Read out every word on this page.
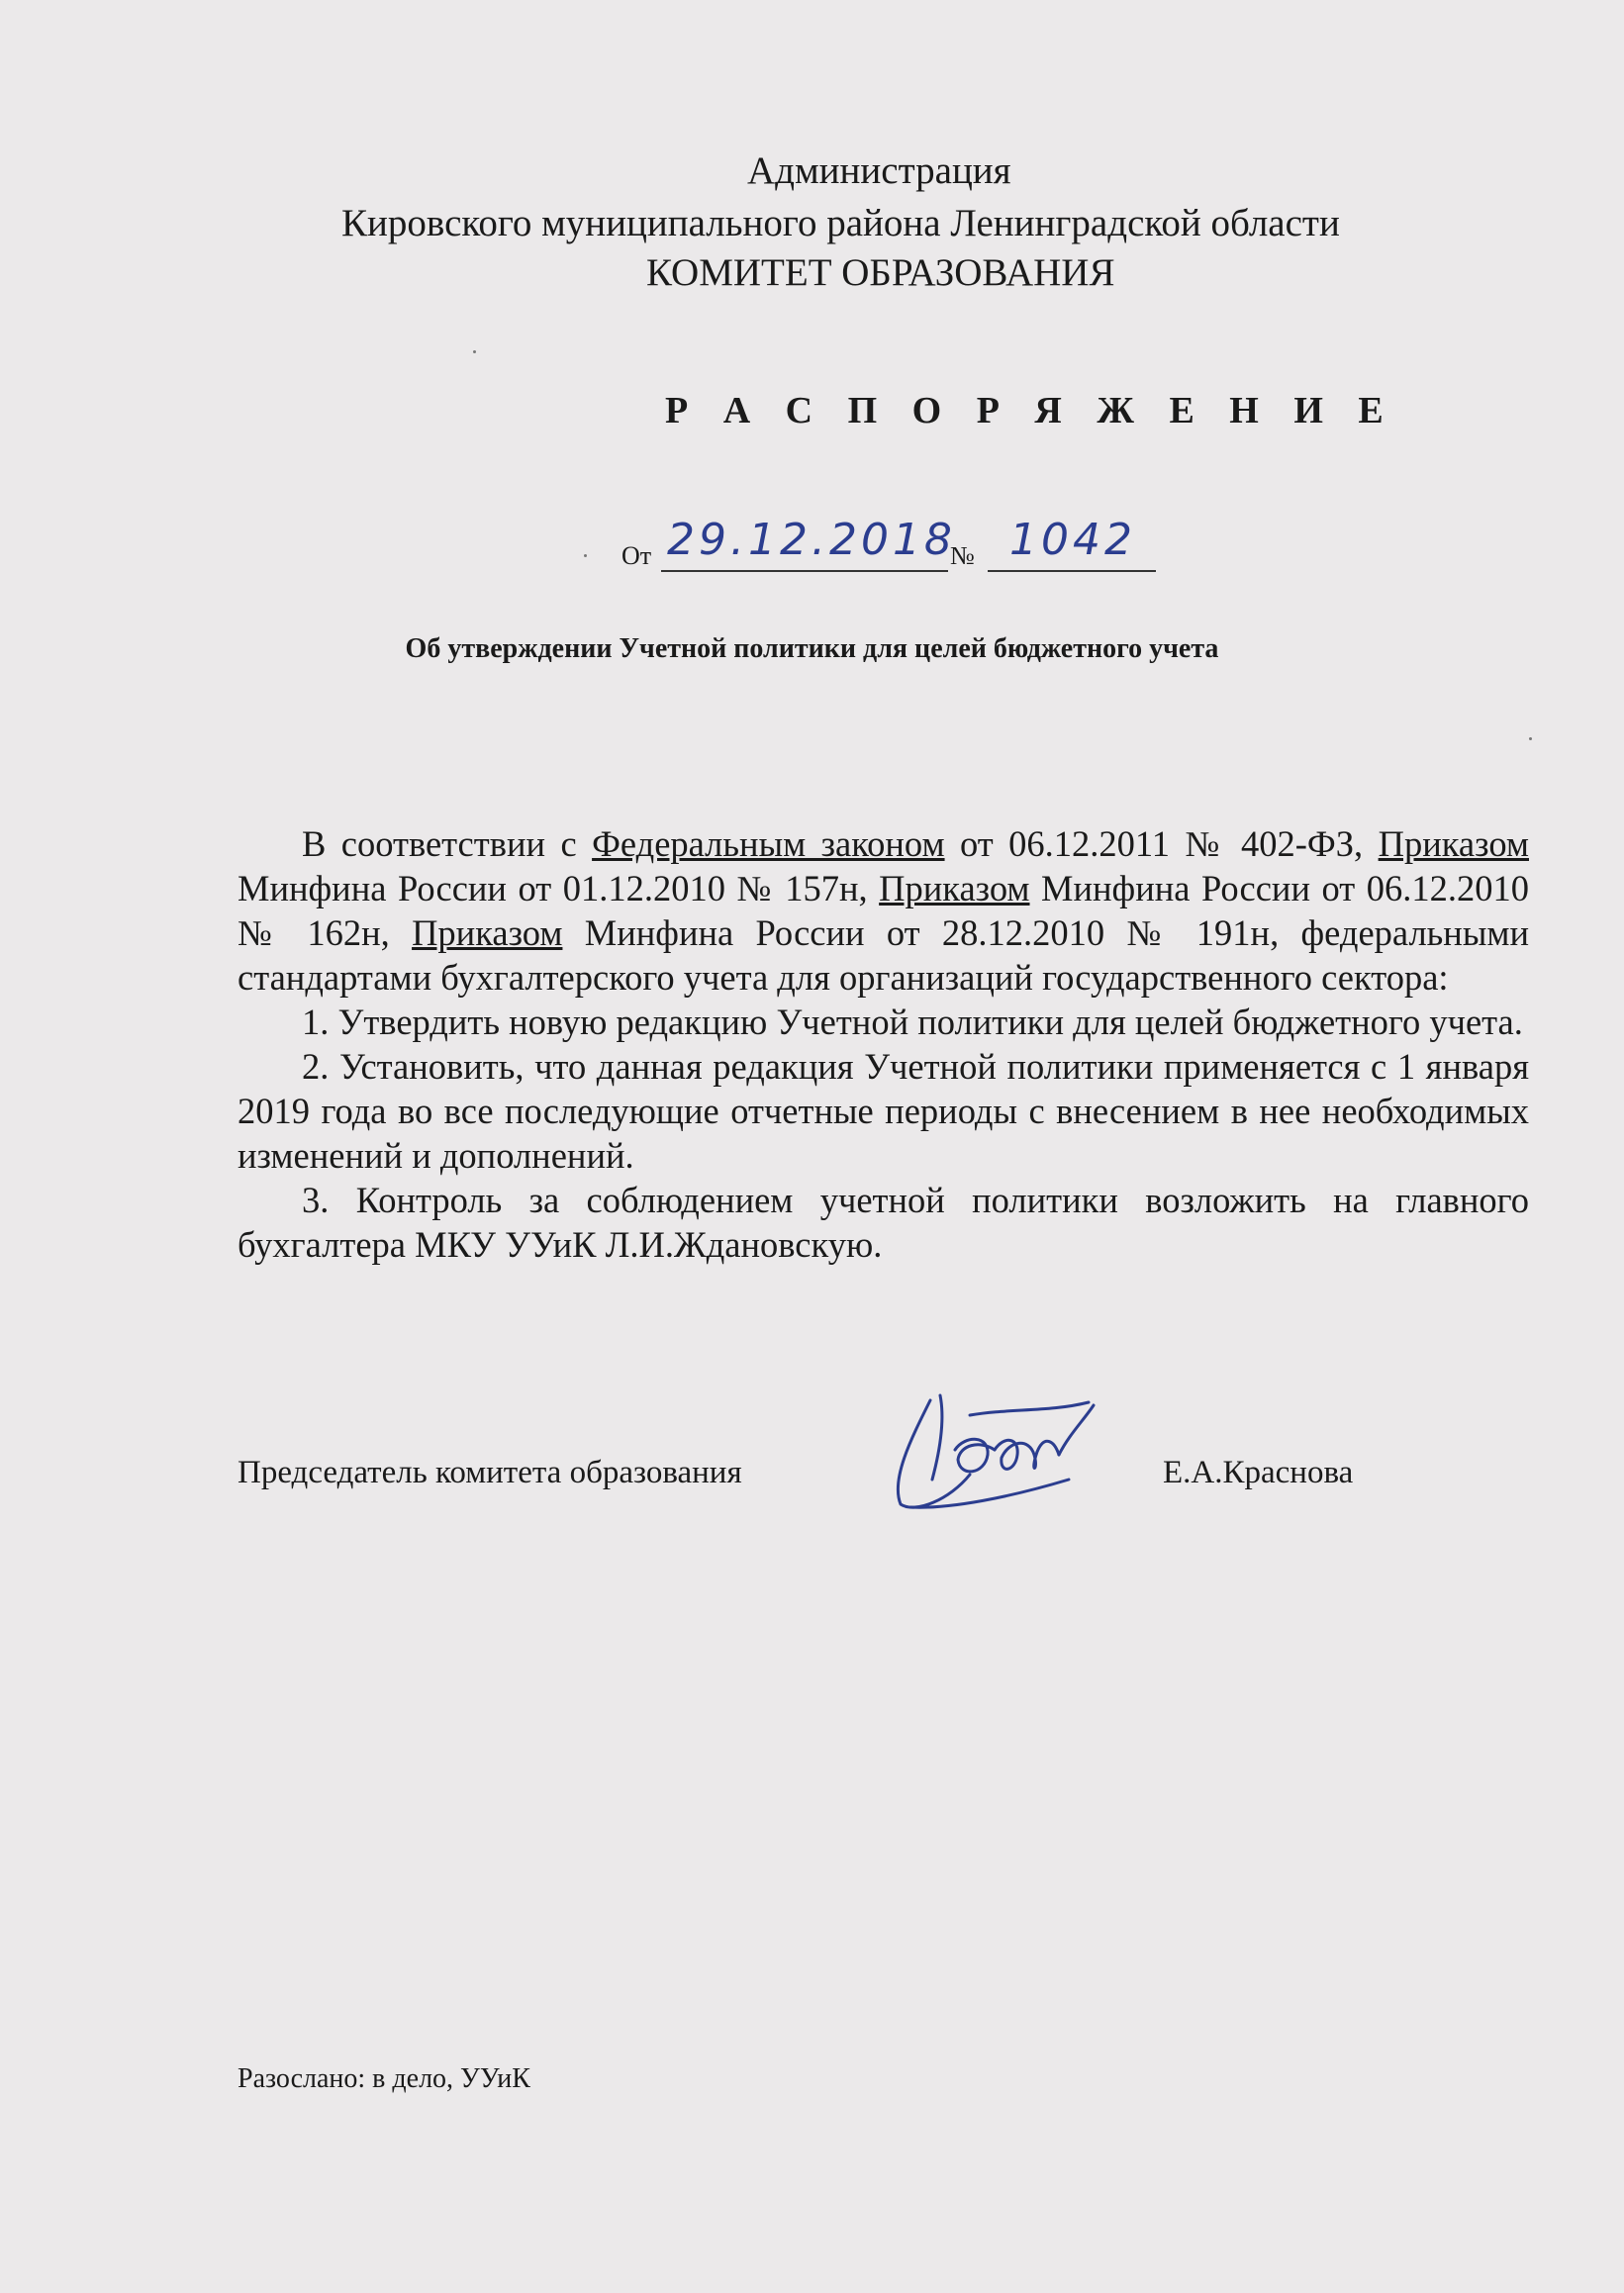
Администрация
Кировского муниципального района Ленинградской области
КОМИТЕТ ОБРАЗОВАНИЯ
Р А С П О Р Я Ж Е Н И Е
От 29.12.2018
№ 1042
Об утверждении Учетной политики для целей бюджетного учета

В соответствии с Федеральным законом от 06.12.2011 № 402-ФЗ, Приказом Минфина России от 01.12.2010 № 157н, Приказом Минфина России от 06.12.2010 № 162н, Приказом Минфина России от 28.12.2010 № 191н, федеральными стандартами бухгалтерского учета для организаций государственного сектора:

1. Утвердить новую редакцию Учетной политики для целей бюджетного учета.

2. Установить, что данная редакция Учетной политики применяется с 1 января 2019 года во все последующие отчетные периоды с внесением в нее необходимых изменений и дополнений.

3. Контроль за соблюдением учетной политики возложить на главного бухгалтера МКУ УУиК Л.И.Ждановскую.

Председатель комитета образования	Е.А.Краснова
Разослано: в дело, УУиК
